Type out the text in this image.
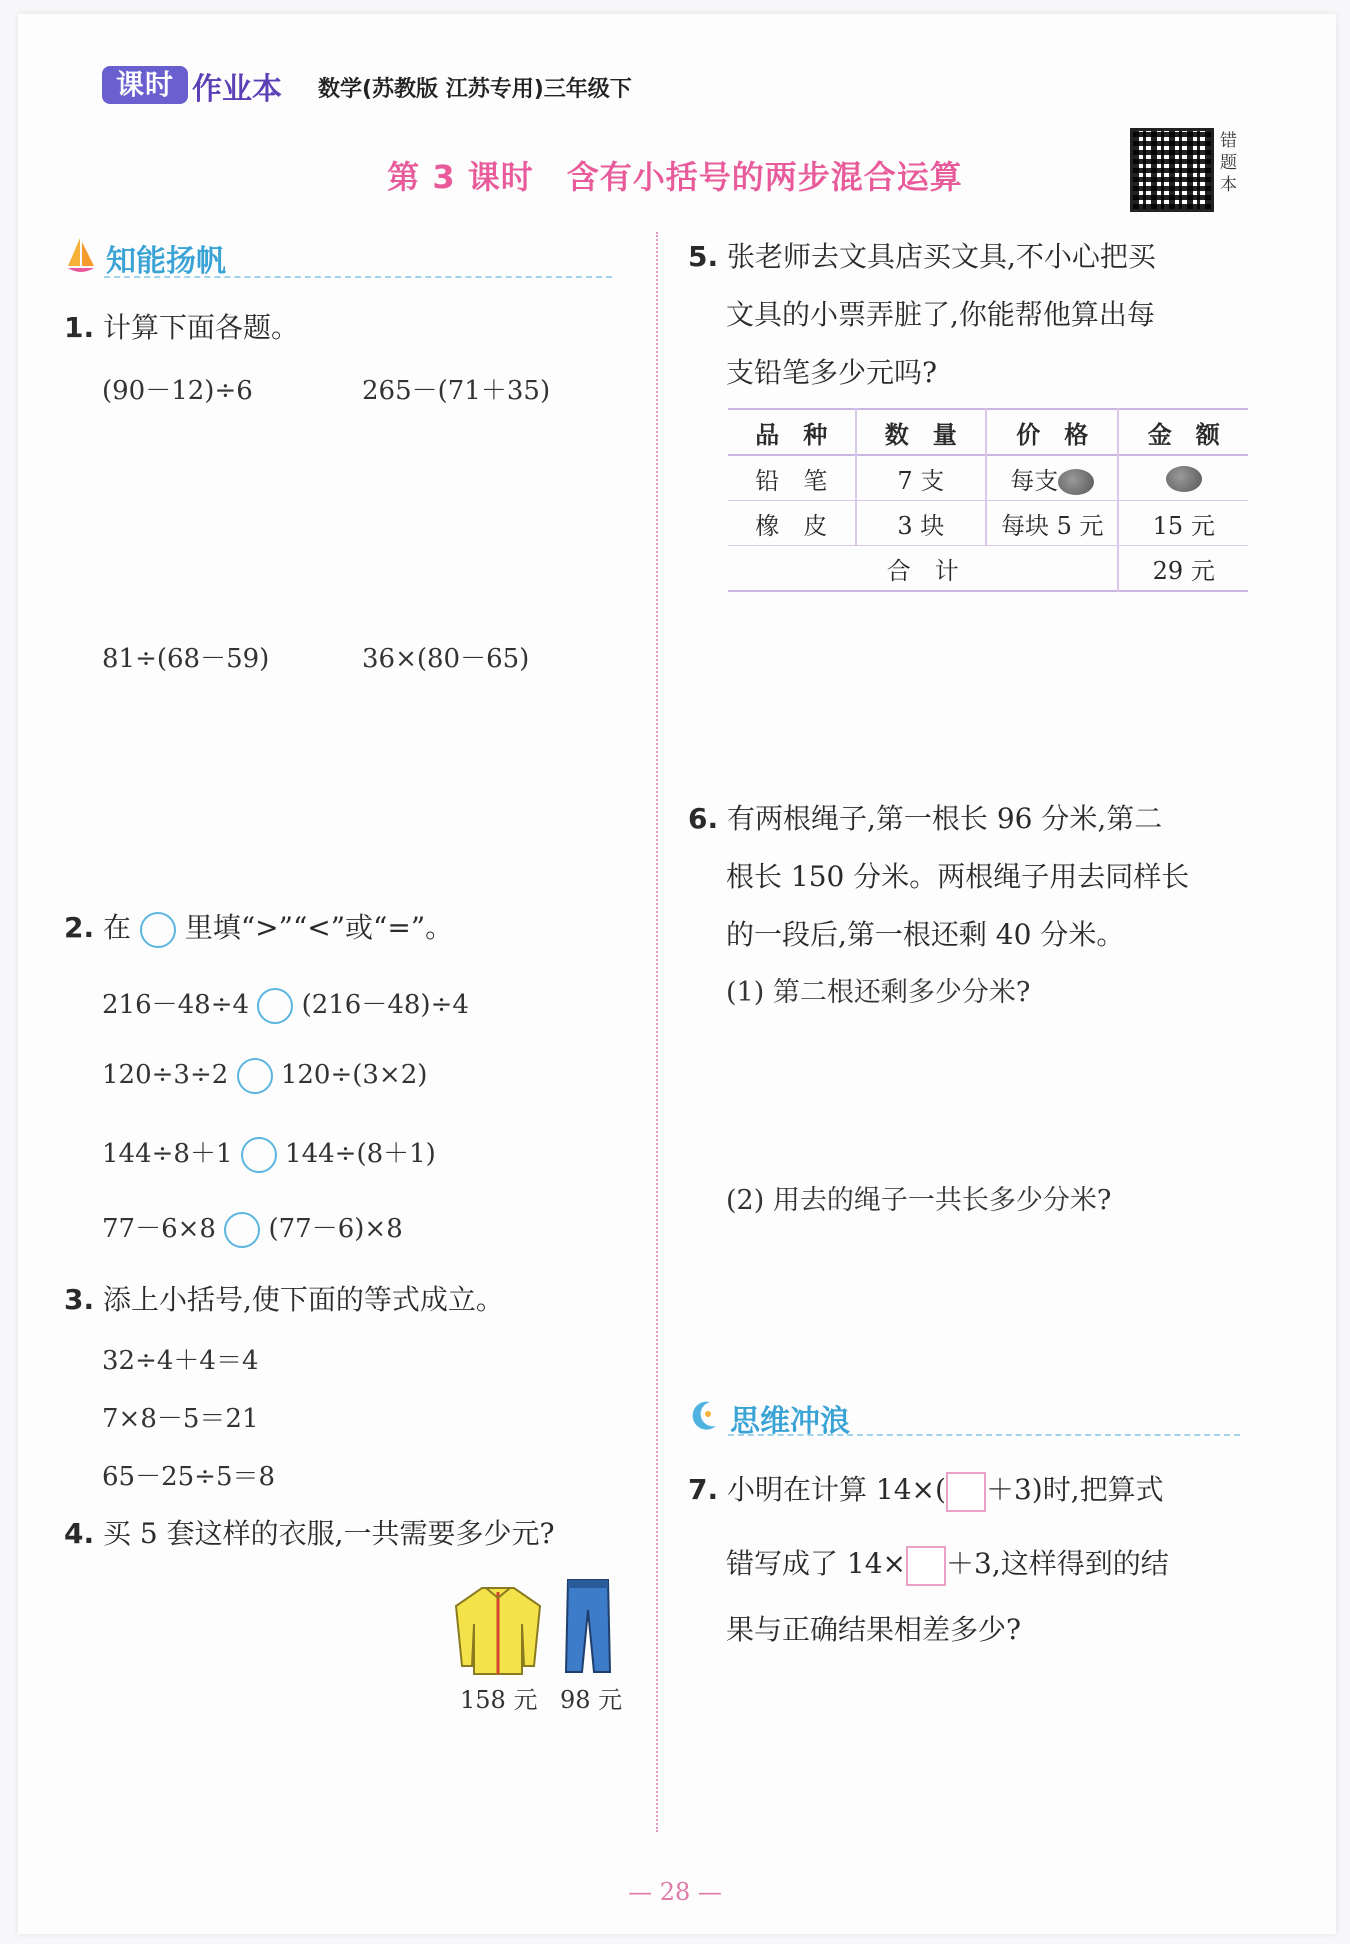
课时 作业本 数学(苏教版 江苏专用)三年级下
第 3 课时　含有小括号的两步混合运算
错题本
知能扬帆
1. 计算下面各题。
(90－12)÷6	265－(71＋35)
81÷(68－59)	36×(80－65)
2. 在 里填“>”“<”或“=”。
216－48÷4 (216－48)÷4
120÷3÷2 120÷(3×2)
144÷8＋1 144÷(8＋1)
77－6×8 (77－6)×8
3. 添上小括号,使下面的等式成立。
32÷4＋4＝4
7×8－5＝21
65－25÷5＝8
4. 买 5 套这样的衣服,一共需要多少元?
158 元 98 元
5. 张老师去文具店买文具,不小心把买
文具的小票弄脏了,你能帮他算出每
支铅笔多少元吗?
品　种	数　量	价　格	金　额
铅　笔	7 支	每支	
橡　皮	3 块	每块 5 元	15 元
合　计			29 元
6. 有两根绳子,第一根长 96 分米,第二
根长 150 分米。两根绳子用去同样长
的一段后,第一根还剩 40 分米。
(1) 第二根还剩多少分米?
(2) 用去的绳子一共长多少分米?
思维冲浪
7. 小明在计算 14×( ＋3)时,把算式
错写成了 14× ＋3,这样得到的结
果与正确结果相差多少?
— 28 —
